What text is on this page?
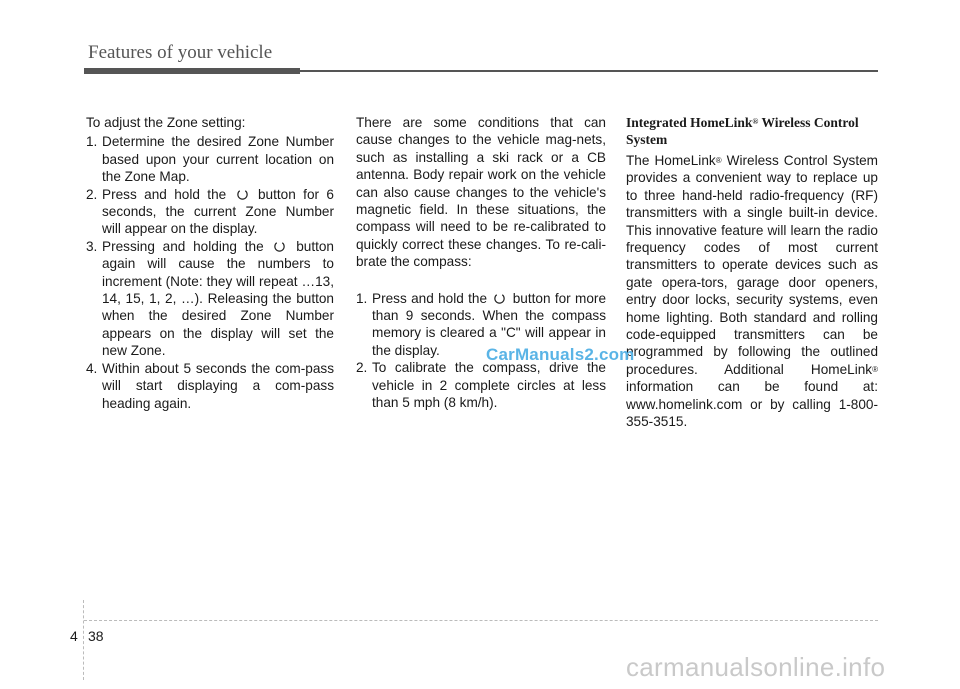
Features of your vehicle

To adjust the Zone setting:

1. Determine the desired Zone Number based upon your current location on the Zone Map.
2. Press and hold the button for 6 seconds, the current Zone Number will appear on the display.
3. Pressing and holding the button again will cause the numbers to increment (Note: they will repeat …13, 14, 15, 1, 2, …). Releasing the button when the desired Zone Number appears on the display will set the new Zone.
4. Within about 5 seconds the com-pass will start displaying a com-pass heading again.

There are some conditions that can cause changes to the vehicle mag-nets, such as installing a ski rack or a CB antenna. Body repair work on the vehicle can also cause changes to the vehicle's magnetic field. In these situations, the compass will need to be re-calibrated to quickly correct these changes. To re-cali-brate the compass:

1. Press and hold the button for more than 9 seconds. When the compass memory is cleared a "C" will appear in the display.
2. To calibrate the compass, drive the vehicle in 2 complete circles at less than 5 mph (8 km/h).

Integrated HomeLink® Wireless Control System

The HomeLink® Wireless Control System provides a convenient way to replace up to three hand-held radio-frequency (RF) transmitters with a single built-in device. This innovative feature will learn the radio frequency codes of most current transmitters to operate devices such as gate opera-tors, garage door openers, entry door locks, security systems, even home lighting. Both standard and rolling code-equipped transmitters can be programmed by following the outlined procedures. Additional HomeLink® information can be found at: www.homelink.com or by calling 1-800-355-3515.

CarManuals2.com
4 38
carmanualsonline.info
